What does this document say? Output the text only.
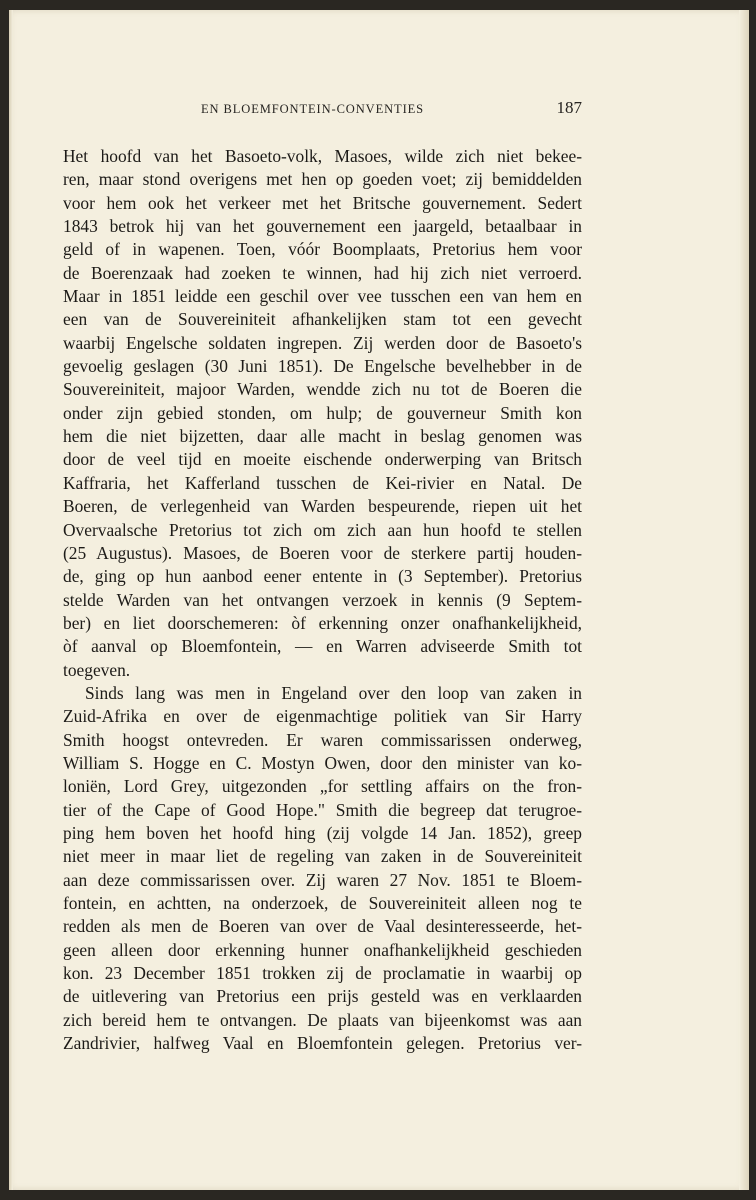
EN BLOEMFONTEIN-CONVENTIES	187
Het hoofd van het Basoeto-volk, Masoes, wilde zich niet bekee-
ren, maar stond overigens met hen op goeden voet; zij bemiddelden
voor hem ook het verkeer met het Britsche gouvernement. Sedert
1843 betrok hij van het gouvernement een jaargeld, betaalbaar in
geld of in wapenen. Toen, vóór Boomplaats, Pretorius hem voor
de Boerenzaak had zoeken te winnen, had hij zich niet verroerd.
Maar in 1851 leidde een geschil over vee tusschen een van hem en
een van de Souvereiniteit afhankelijken stam tot een gevecht
waarbij Engelsche soldaten ingrepen. Zij werden door de Basoeto's
gevoelig geslagen (30 Juni 1851). De Engelsche bevelhebber in de
Souvereiniteit, majoor Warden, wendde zich nu tot de Boeren die
onder zijn gebied stonden, om hulp; de gouverneur Smith kon
hem die niet bijzetten, daar alle macht in beslag genomen was
door de veel tijd en moeite eischende onderwerping van Britsch
Kaffraria, het Kafferland tusschen de Kei-rivier en Natal. De
Boeren, de verlegenheid van Warden bespeurende, riepen uit het
Overvaalsche Pretorius tot zich om zich aan hun hoofd te stellen
(25 Augustus). Masoes, de Boeren voor de sterkere partij houden-
de, ging op hun aanbod eener entente in (3 September). Pretorius
stelde Warden van het ontvangen verzoek in kennis (9 Septem-
ber) en liet doorschemeren: òf erkenning onzer onafhankelijkheid,
òf aanval op Bloemfontein, — en Warren adviseerde Smith tot
toegeven.
Sinds lang was men in Engeland over den loop van zaken in
Zuid-Afrika en over de eigenmachtige politiek van Sir Harry
Smith hoogst ontevreden. Er waren commissarissen onderweg,
William S. Hogge en C. Mostyn Owen, door den minister van ko-
loniën, Lord Grey, uitgezonden „for settling affairs on the fron-
tier of the Cape of Good Hope." Smith die begreep dat terugroe-
ping hem boven het hoofd hing (zij volgde 14 Jan. 1852), greep
niet meer in maar liet de regeling van zaken in de Souvereiniteit
aan deze commissarissen over. Zij waren 27 Nov. 1851 te Bloem-
fontein, en achtten, na onderzoek, de Souvereiniteit alleen nog te
redden als men de Boeren van over de Vaal desinteresseerde, het-
geen alleen door erkenning hunner onafhankelijkheid geschieden
kon. 23 December 1851 trokken zij de proclamatie in waarbij op
de uitlevering van Pretorius een prijs gesteld was en verklaarden
zich bereid hem te ontvangen. De plaats van bijeenkomst was aan
Zandrivier, halfweg Vaal en Bloemfontein gelegen. Pretorius ver-
